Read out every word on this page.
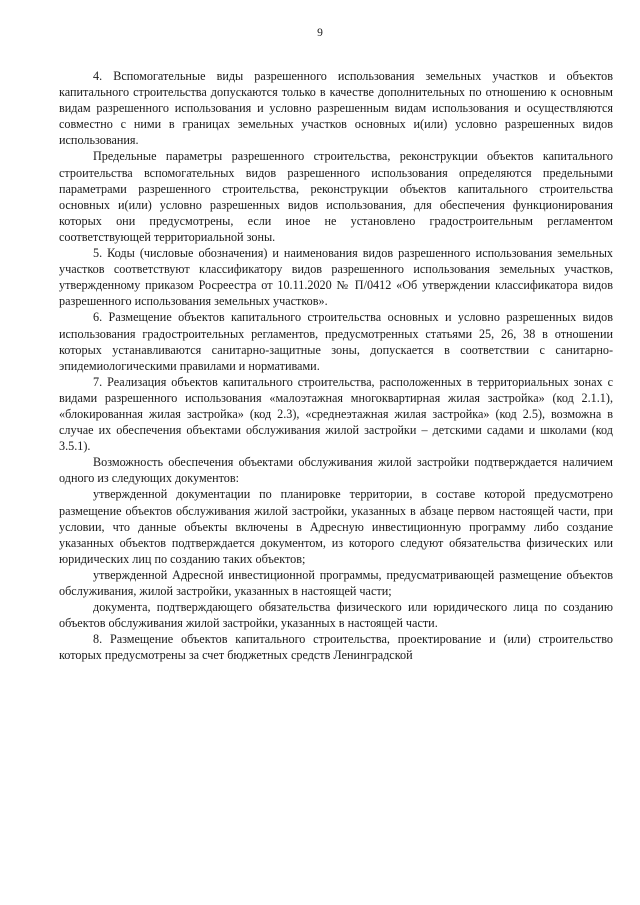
9

4. Вспомогательные виды разрешенного использования земельных участков и объектов капитального строительства допускаются только в качестве дополнительных по отношению к основным видам разрешенного использования и условно разрешенным видам использования и осуществляются совместно с ними в границах земельных участков основных и(или) условно разрешенных видов использования.

Предельные параметры разрешенного строительства, реконструкции объектов капитального строительства вспомогательных видов разрешенного использования определяются предельными параметрами разрешенного строительства, реконструкции объектов капитального строительства основных и(или) условно разрешенных видов использования, для обеспечения функционирования которых они предусмотрены, если иное не установлено градостроительным регламентом соответствующей территориальной зоны.

5. Коды (числовые обозначения) и наименования видов разрешенного использования земельных участков соответствуют классификатору видов разрешенного использования земельных участков, утвержденному приказом Росреестра от 10.11.2020 № П/0412 «Об утверждении классификатора видов разрешенного использования земельных участков».

6. Размещение объектов капитального строительства основных и условно разрешенных видов использования градостроительных регламентов, предусмотренных статьями 25, 26, 38 в отношении которых устанавливаются санитарно-защитные зоны, допускается в соответствии с санитарно-эпидемиологическими правилами и нормативами.

7. Реализация объектов капитального строительства, расположенных в территориальных зонах с видами разрешенного использования «малоэтажная многоквартирная жилая застройка» (код 2.1.1), «блокированная жилая застройка» (код 2.3), «среднеэтажная жилая застройка» (код 2.5), возможна в случае их обеспечения объектами обслуживания жилой застройки – детскими садами и школами (код 3.5.1).

Возможность обеспечения объектами обслуживания жилой застройки подтверждается наличием одного из следующих документов:

утвержденной документации по планировке территории, в составе которой предусмотрено размещение объектов обслуживания жилой застройки, указанных в абзаце первом настоящей части, при условии, что данные объекты включены в Адресную инвестиционную программу либо создание указанных объектов подтверждается документом, из которого следуют обязательства физических или юридических лиц по созданию таких объектов;

утвержденной Адресной инвестиционной программы, предусматривающей размещение объектов обслуживания, жилой застройки, указанных в настоящей части;

документа, подтверждающего обязательства физического или юридического лица по созданию объектов обслуживания жилой застройки, указанных в настоящей части.

8. Размещение объектов капитального строительства, проектирование и (или) строительство которых предусмотрены за счет бюджетных средств Ленинградской
